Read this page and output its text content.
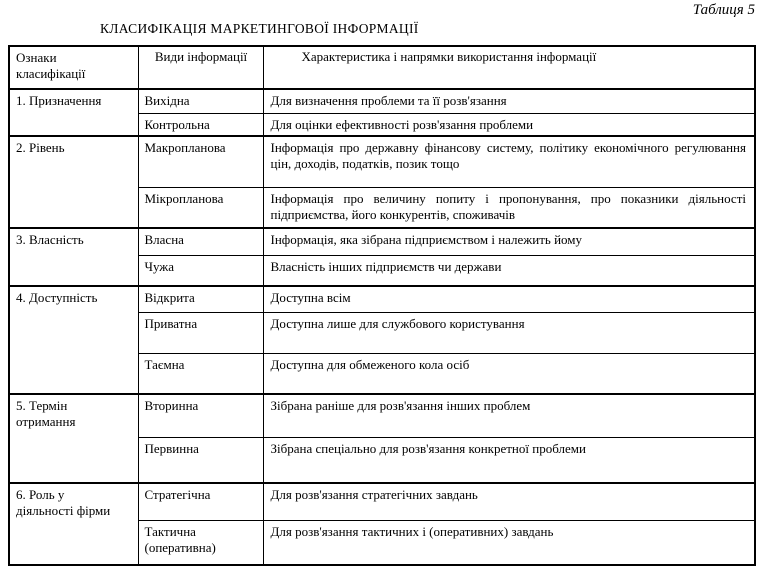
Таблиця 5
КЛАСИФІКАЦІЯ МАРКЕТИНГОВОЇ ІНФОРМАЦІЇ
Ознаки класифікації	Види інформації	Характеристика і напрямки використання інформації

1. Призначення	Вихідна	Для визначення проблеми та її розв'язання
	Контрольна	Для оцінки ефективності розв'язання проблеми

2. Рівень	Макропланова	Інформація про державну фінансову систему, політику економічного регулювання цін, доходів, податків, позик тощо
	Мікропланова	Інформація про величину попиту і пропонування, про показники діяльності підприємства, його конкурентів, споживачів

3. Власність	Власна	Інформація, яка зібрана підприємством і належить йому
	Чужа	Власність інших підприємств чи держави

4. Доступність	Відкрита	Доступна всім
	Приватна	Доступна лише для службового користування
	Таємна	Доступна для обмеженого кола осіб

5. Термін отримання	Вторинна	Зібрана раніше для розв'язання інших проблем
	Первинна	Зібрана спеціально для розв'язання конкретної проблеми

6. Роль у діяльності фірми	Стратегічна	Для розв'язання стратегічних завдань
	Тактична (оперативна)	Для розв'язання тактичних і (оперативних) завдань
